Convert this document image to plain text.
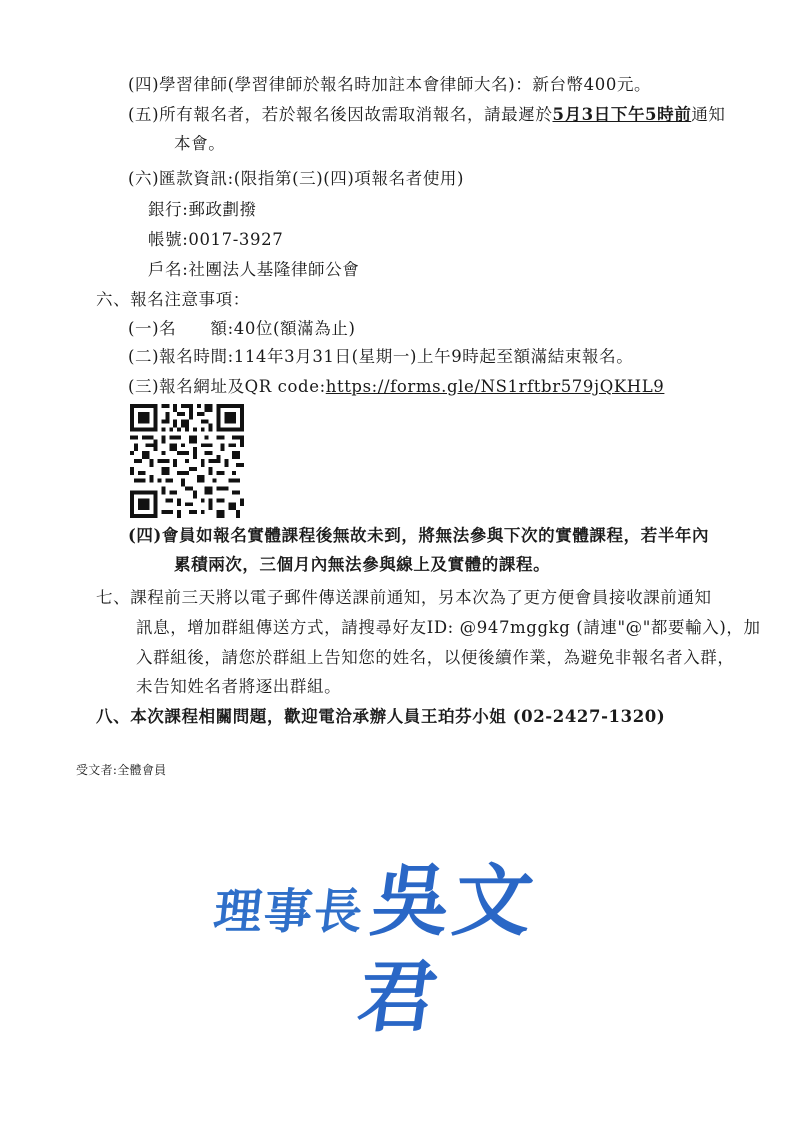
(四)學習律師(學習律師於報名時加註本會律師大名)：新台幣400元。
(五)所有報名者，若於報名後因故需取消報名，請最遲於5月3日下午5時前通知
本會。
(六)匯款資訊:(限指第(三)(四)項報名者使用)
銀行:郵政劃撥
帳號:0017-3927
戶名:社團法人基隆律師公會
六、報名注意事項：
(一)名　　額:40位(額滿為止)
(二)報名時間:114年3月31日(星期一)上午9時起至額滿結束報名。
(三)報名網址及QR code:https://forms.gle/NS1rftbr579jQKHL9
(四)會員如報名實體課程後無故未到，將無法參與下次的實體課程，若半年內
累積兩次，三個月內無法參與線上及實體的課程。
七、課程前三天將以電子郵件傳送課前通知，另本次為了更方便會員接收課前通知
訊息，增加群組傳送方式，請搜尋好友ID: @947mggkg (請連"@"都要輸入)，加
入群組後，請您於群組上告知您的姓名，以便後續作業，為避免非報名者入群，
未告知姓名者將逐出群組。
八、本次課程相關問題，歡迎電洽承辦人員王珀芬小姐 (02-2427-1320)
受文者:全體會員
理事長
吳文君
